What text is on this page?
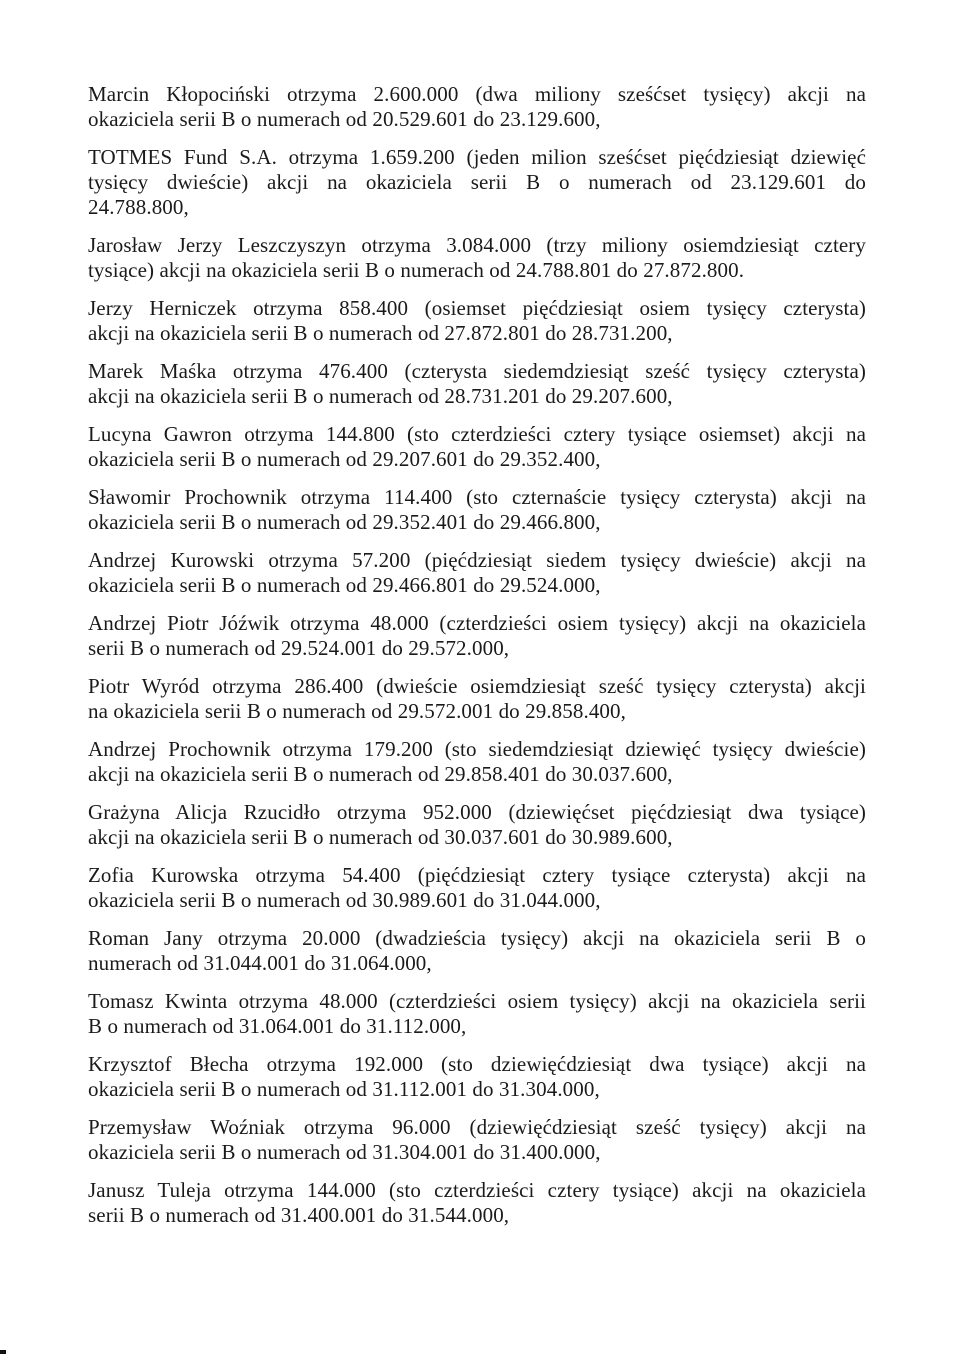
Marcin Kłopociński otrzyma 2.600.000 (dwa miliony sześćset tysięcy) akcji na
okaziciela serii B o numerach od 20.529.601 do 23.129.600,

TOTMES Fund S.A. otrzyma 1.659.200 (jeden milion sześćset pięćdziesiąt dziewięć
tysięcy dwieście) akcji na okaziciela serii B o numerach od 23.129.601 do
24.788.800,

Jarosław Jerzy Leszczyszyn otrzyma 3.084.000 (trzy miliony osiemdziesiąt cztery
tysiące) akcji na okaziciela serii B o numerach od 24.788.801 do 27.872.800.

Jerzy Herniczek otrzyma 858.400 (osiemset pięćdziesiąt osiem tysięcy czterysta)
akcji na okaziciela serii B o numerach od 27.872.801 do 28.731.200,

Marek Maśka otrzyma 476.400 (czterysta siedemdziesiąt sześć tysięcy czterysta)
akcji na okaziciela serii B o numerach od 28.731.201 do 29.207.600,

Lucyna Gawron otrzyma 144.800 (sto czterdzieści cztery tysiące osiemset) akcji na
okaziciela serii B o numerach od 29.207.601 do 29.352.400,

Sławomir Prochownik otrzyma 114.400 (sto czternaście tysięcy czterysta) akcji na
okaziciela serii B o numerach od 29.352.401 do 29.466.800,

Andrzej Kurowski otrzyma 57.200 (pięćdziesiąt siedem tysięcy dwieście) akcji na
okaziciela serii B o numerach od 29.466.801 do 29.524.000,

Andrzej Piotr Jóźwik otrzyma 48.000 (czterdzieści osiem tysięcy) akcji na okaziciela
serii B o numerach od 29.524.001 do 29.572.000,

Piotr Wyród otrzyma 286.400 (dwieście osiemdziesiąt sześć tysięcy czterysta) akcji
na okaziciela serii B o numerach od 29.572.001 do 29.858.400,

Andrzej Prochownik otrzyma 179.200 (sto siedemdziesiąt dziewięć tysięcy dwieście)
akcji na okaziciela serii B o numerach od 29.858.401 do 30.037.600,

Grażyna Alicja Rzucidło otrzyma 952.000 (dziewięćset pięćdziesiąt dwa tysiące)
akcji na okaziciela serii B o numerach od 30.037.601 do 30.989.600,

Zofia Kurowska otrzyma 54.400 (pięćdziesiąt cztery tysiące czterysta) akcji na
okaziciela serii B o numerach od 30.989.601 do 31.044.000,

Roman Jany otrzyma 20.000 (dwadzieścia tysięcy) akcji na okaziciela serii B o
numerach od 31.044.001 do 31.064.000,

Tomasz Kwinta otrzyma 48.000 (czterdzieści osiem tysięcy) akcji na okaziciela serii
B o numerach od 31.064.001 do 31.112.000,

Krzysztof Błecha otrzyma 192.000 (sto dziewięćdziesiąt dwa tysiące) akcji na
okaziciela serii B o numerach od 31.112.001 do 31.304.000,

Przemysław Woźniak otrzyma 96.000 (dziewięćdziesiąt sześć tysięcy) akcji na
okaziciela serii B o numerach od 31.304.001 do 31.400.000,

Janusz Tuleja otrzyma 144.000 (sto czterdzieści cztery tysiące) akcji na okaziciela
serii B o numerach od 31.400.001 do 31.544.000,
